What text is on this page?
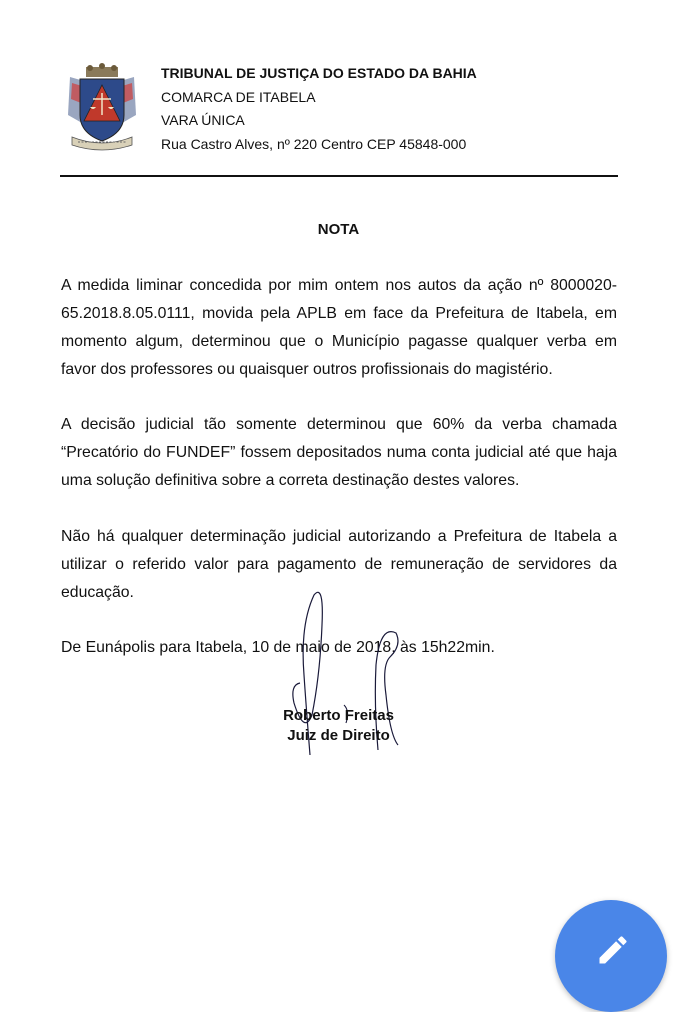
TRIBUNAL DE JUSTIÇA DO ESTADO DA BAHIA
COMARCA DE ITABELA
VARA ÚNICA
Rua Castro Alves, nº 220 Centro CEP 45848-000
NOTA

A medida liminar concedida por mim ontem nos autos da ação nº 8000020-65.2018.8.05.0111, movida pela APLB em face da Prefeitura de Itabela, em momento algum, determinou que o Município pagasse qualquer verba em favor dos professores ou quaisquer outros profissionais do magistério.

A decisão judicial tão somente determinou que 60% da verba chamada “Precatório do FUNDEF” fossem depositados numa conta judicial até que haja uma solução definitiva sobre a correta destinação destes valores.

Não há qualquer determinação judicial autorizando a Prefeitura de Itabela a utilizar o referido valor para pagamento de remuneração de servidores da educação.

De Eunápolis para Itabela, 10 de maio de 2018, às 15h22min.

Roberto Freitas
Juiz de Direito
